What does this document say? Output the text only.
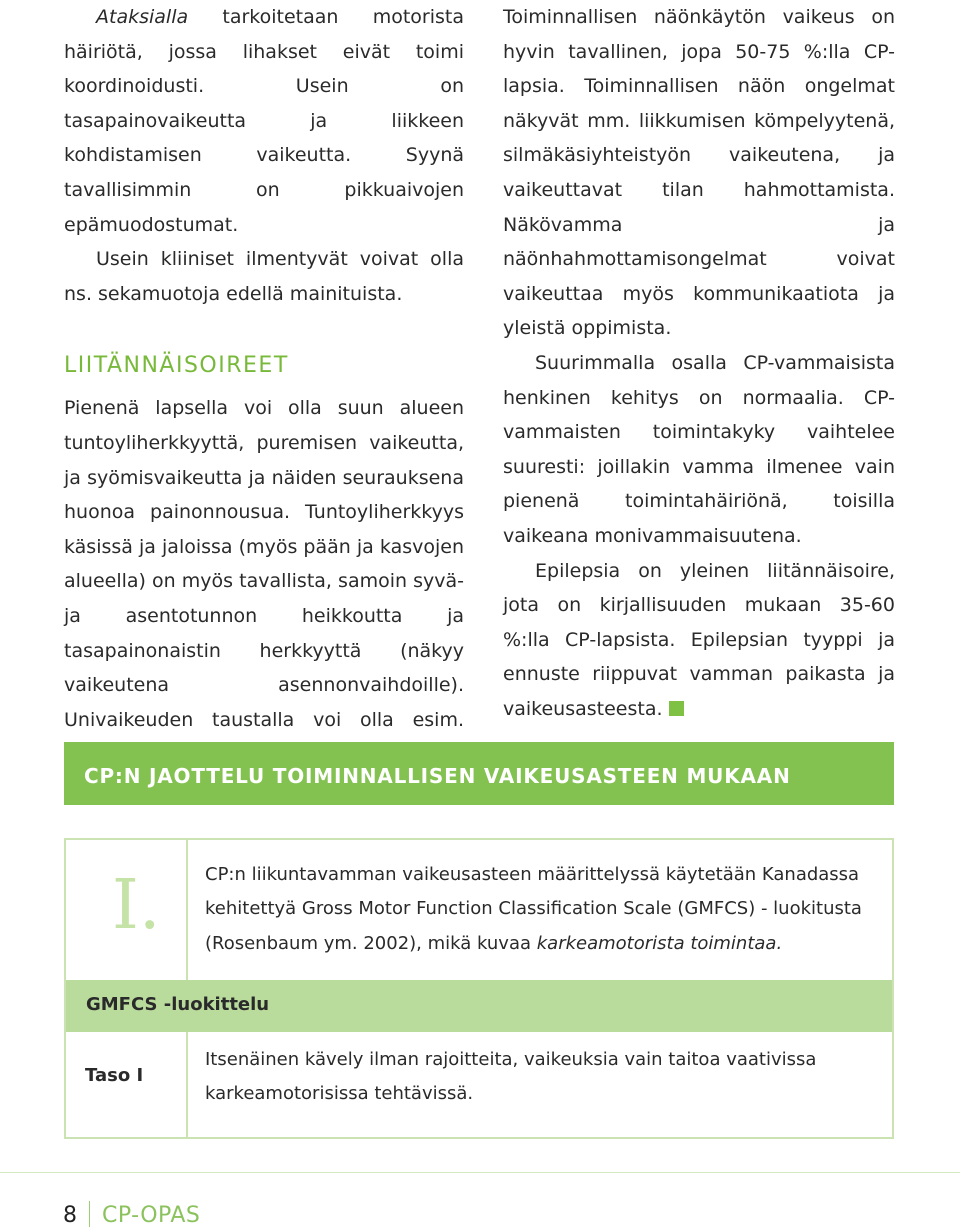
Ataksialla tarkoitetaan motorista häiriötä, jossa lihakset eivät toimi koordinoidusti. Usein on tasapainovaikeutta ja liikkeen kohdistamisen vaikeutta. Syynä tavallisimmin on pikkuaivojen epämuodostumat.

Usein kliiniset ilmentyvät voivat olla ns. sekamuotoja edellä mainituista.

LIITÄNNÄISOIREET

Pienenä lapsella voi olla suun alueen tuntoyliherkkyyttä, puremisen vaikeutta, ja syömisvaikeutta ja näiden seurauksena huonoa painonnousua. Tuntoyliherkkyys käsissä ja jaloissa (myös pään ja kasvojen alueella) on myös tavallista, samoin syvä- ja asentotunnon heikkoutta ja tasapainonaistin herkkyyttä (näkyy vaikeutena asennonvaihdoille). Univaikeuden taustalla voi olla esim.

Toiminnallisen näönkäytön vaikeus on hyvin tavallinen, jopa 50-75 %:lla CP-lapsia. Toiminnallisen näön ongelmat näkyvät mm. liikkumisen kömpelyytenä, silmäkäsiyhteistyön vaikeutena, ja vaikeuttavat tilan hahmottamista. Näkövamma ja näönhahmottamisongelmat voivat vaikeuttaa myös kommunikaatiota ja yleistä oppimista.

Suurimmalla osalla CP-vammaisista henkinen kehitys on normaalia. CP-vammaisten toimintakyky vaihtelee suuresti: joillakin vamma ilmenee vain pienenä toimintahäiriönä, toisilla vaikeana monivammaisuutena.

Epilepsia on yleinen liitännäisoire, jota on kirjallisuuden mukaan 35-60 %:lla CP-lapsista. Epilepsian tyyppi ja ennuste riippuvat vamman paikasta ja vaikeusasteesta.

CP:N JAOTTELU TOIMINNALLISEN VAIKEUSASTEEN MUKAAN
I. CP:n liikuntavamman vaikeusasteen määrittelyssä käytetään Kanadassa kehitettyä Gross Motor Function Classification Scale (GMFCS) - luokitusta (Rosenbaum ym. 2002), mikä kuvaa karkeamotorista toimintaa.
GMFCS -luokittelu
Taso I
Itsenäinen kävely ilman rajoitteita, vaikeuksia vain taitoa vaativissa karkeamotorisissa tehtävissä.
8 CP-OPAS
